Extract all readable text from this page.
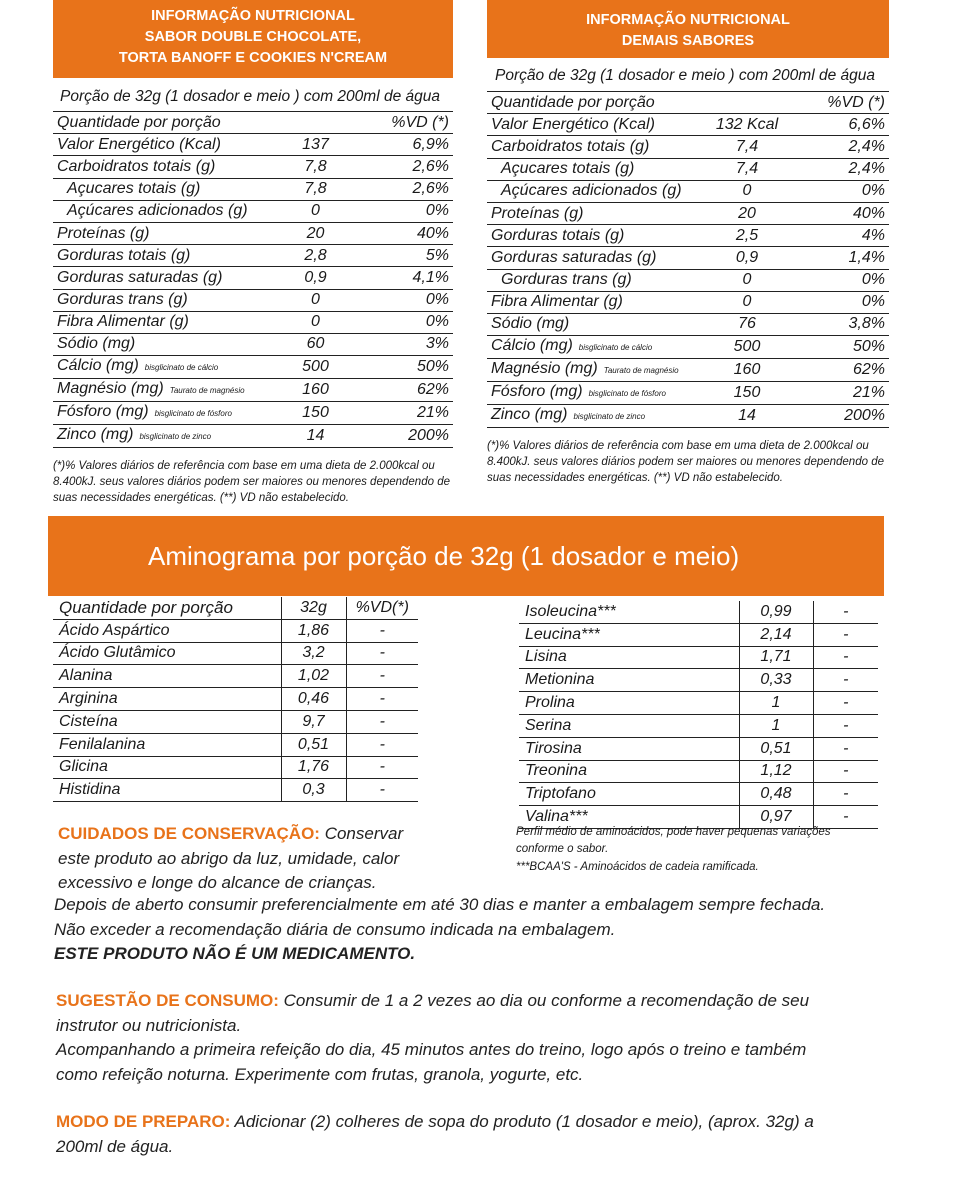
INFORMAÇÃO NUTRICIONAL
SABOR DOUBLE CHOCOLATE,
TORTA BANOFF E COOKIES N'CREAM
Porção de 32g (1 dosador e meio ) com 200ml de água
Quantidade por porção		%VD (*)
Valor Energético (Kcal)	137	6,9%
Carboidratos totais (g)	7,8	2,6%
Açucares totais (g)	7,8	2,6%
Açúcares adicionados (g)	0	0%
Proteínas (g)	20	40%
Gorduras totais (g)	2,8	5%
Gorduras saturadas (g)	0,9	4,1%
Gorduras trans (g)	0	0%
Fibra Alimentar (g)	0	0%
Sódio (mg)	60	3%
Cálcio (mg) bisglicinato de cálcio	500	50%
Magnésio (mg) Taurato de magnésio	160	62%
Fósforo (mg) bisglicinato de fósforo	150	21%
Zinco (mg) bisglicinato de zinco	14	200%
(*)% Valores diários de referência com base em uma dieta de 2.000kcal ou 8.400kJ. seus valores diários podem ser maiores ou menores dependendo de suas necessidades energéticas. (**) VD não estabelecido.
INFORMAÇÃO NUTRICIONAL
DEMAIS SABORES
Porção de 32g (1 dosador e meio ) com 200ml de água
Quantidade por porção		%VD (*)
Valor Energético (Kcal)	132 Kcal	6,6%
Carboidratos totais (g)	7,4	2,4%
Açucares totais (g)	7,4	2,4%
Açúcares adicionados (g)	0	0%
Proteínas (g)	20	40%
Gorduras totais (g)	2,5	4%
Gorduras saturadas (g)	0,9	1,4%
Gorduras trans (g)	0	0%
Fibra Alimentar (g)	0	0%
Sódio (mg)	76	3,8%
Cálcio (mg) bisglicinato de cálcio	500	50%
Magnésio (mg) Taurato de magnésio	160	62%
Fósforo (mg) bisglicinato de fósforo	150	21%
Zinco (mg) bisglicinato de zinco	14	200%
(*)% Valores diários de referência com base em uma dieta de 2.000kcal ou 8.400kJ. seus valores diários podem ser maiores ou menores dependendo de suas necessidades energéticas. (**) VD não estabelecido.
Aminograma por porção de 32g (1 dosador e meio)
Quantidade por porção	32g	%VD(*)
Ácido Aspártico	1,86	-
Ácido Glutâmico	3,2	-
Alanina	1,02	-
Arginina	0,46	-
Cisteína	9,7	-
Fenilalanina	0,51	-
Glicina	1,76	-
Histidina	0,3	-
Isoleucina***	0,99	-
Leucina***	2,14	-
Lisina	1,71	-
Metionina	0,33	-
Prolina	1	-
Serina	1	-
Tirosina	0,51	-
Treonina	1,12	-
Triptofano	0,48	-
Valina***	0,97	-
Perfil médio de aminoácidos, pode haver pequenas variações conforme o sabor.
***BCAA'S - Aminoácidos de cadeia ramificada.
CUIDADOS DE CONSERVAÇÃO: Conservar
este produto ao abrigo da luz, umidade, calor
excessivo e longe do alcance de crianças.
Depois de aberto consumir preferencialmente em até 30 dias e manter a embalagem sempre fechada.
Não exceder a recomendação diária de consumo indicada na embalagem.
ESTE PRODUTO NÃO É UM MEDICAMENTO.
SUGESTÃO DE CONSUMO: Consumir de 1 a 2 vezes ao dia ou conforme a recomendação de seu
instrutor ou nutricionista.
Acompanhando a primeira refeição do dia, 45 minutos antes do treino, logo após o treino e também
como refeição noturna. Experimente com frutas, granola, yogurte, etc.
MODO DE PREPARO: Adicionar (2) colheres de sopa do produto (1 dosador e meio), (aprox. 32g) a
200ml de água.
